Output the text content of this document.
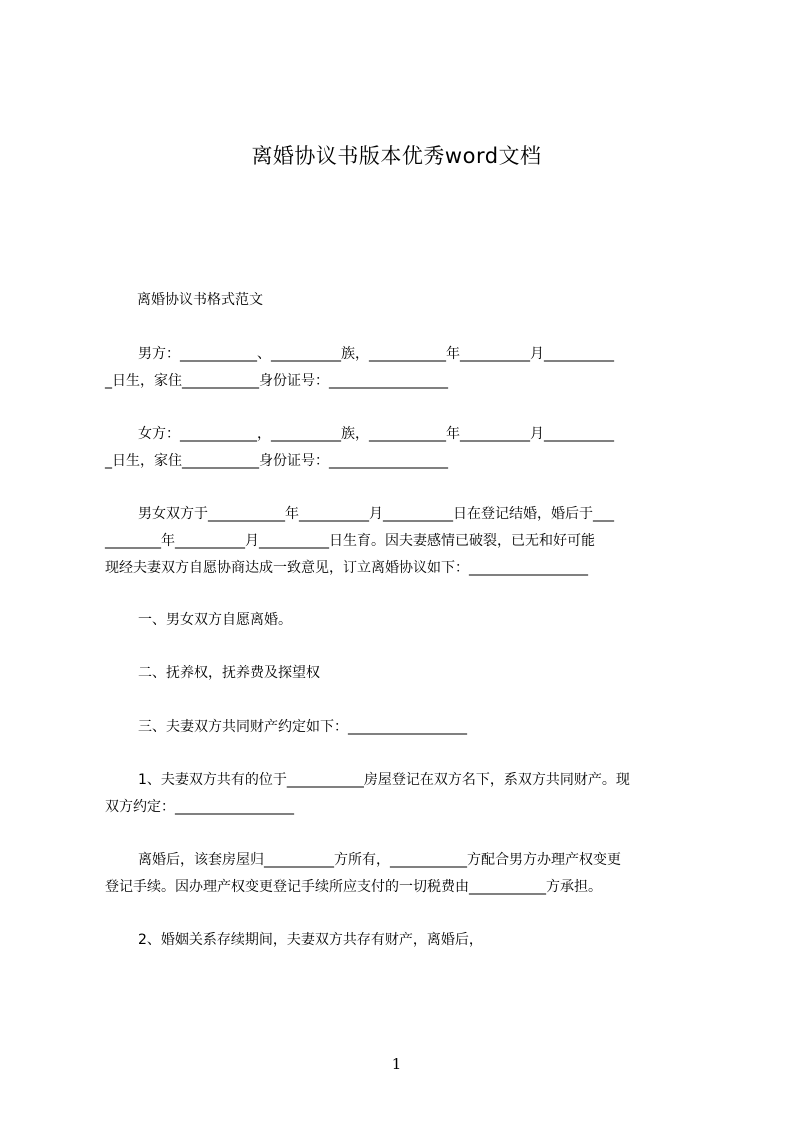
离婚协议书版本优秀word文档
离婚协议书格式范文
男方：___________、__________族，___________年__________月__________
_日生，家住___________身份证号：_________________
女方：___________，__________族，___________年__________月__________
_日生，家住___________身份证号：_________________
男女双方于___________年__________月__________日在登记结婚，婚后于___
________年__________月__________日生育。因夫妻感情已破裂，已无和好可能
现经夫妻双方自愿协商达成一致意见，订立离婚协议如下：_________________
一、男女双方自愿离婚。
二、抚养权，抚养费及探望权
三、夫妻双方共同财产约定如下：_________________
1、夫妻双方共有的位于___________房屋登记在双方名下，系双方共同财产。现
双方约定：_________________
离婚后，该套房屋归__________方所有，___________方配合男方办理产权变更
登记手续。因办理产权变更登记手续所应支付的一切税费由___________方承担。
2、婚姻关系存续期间，夫妻双方共存有财产，离婚后，
1
